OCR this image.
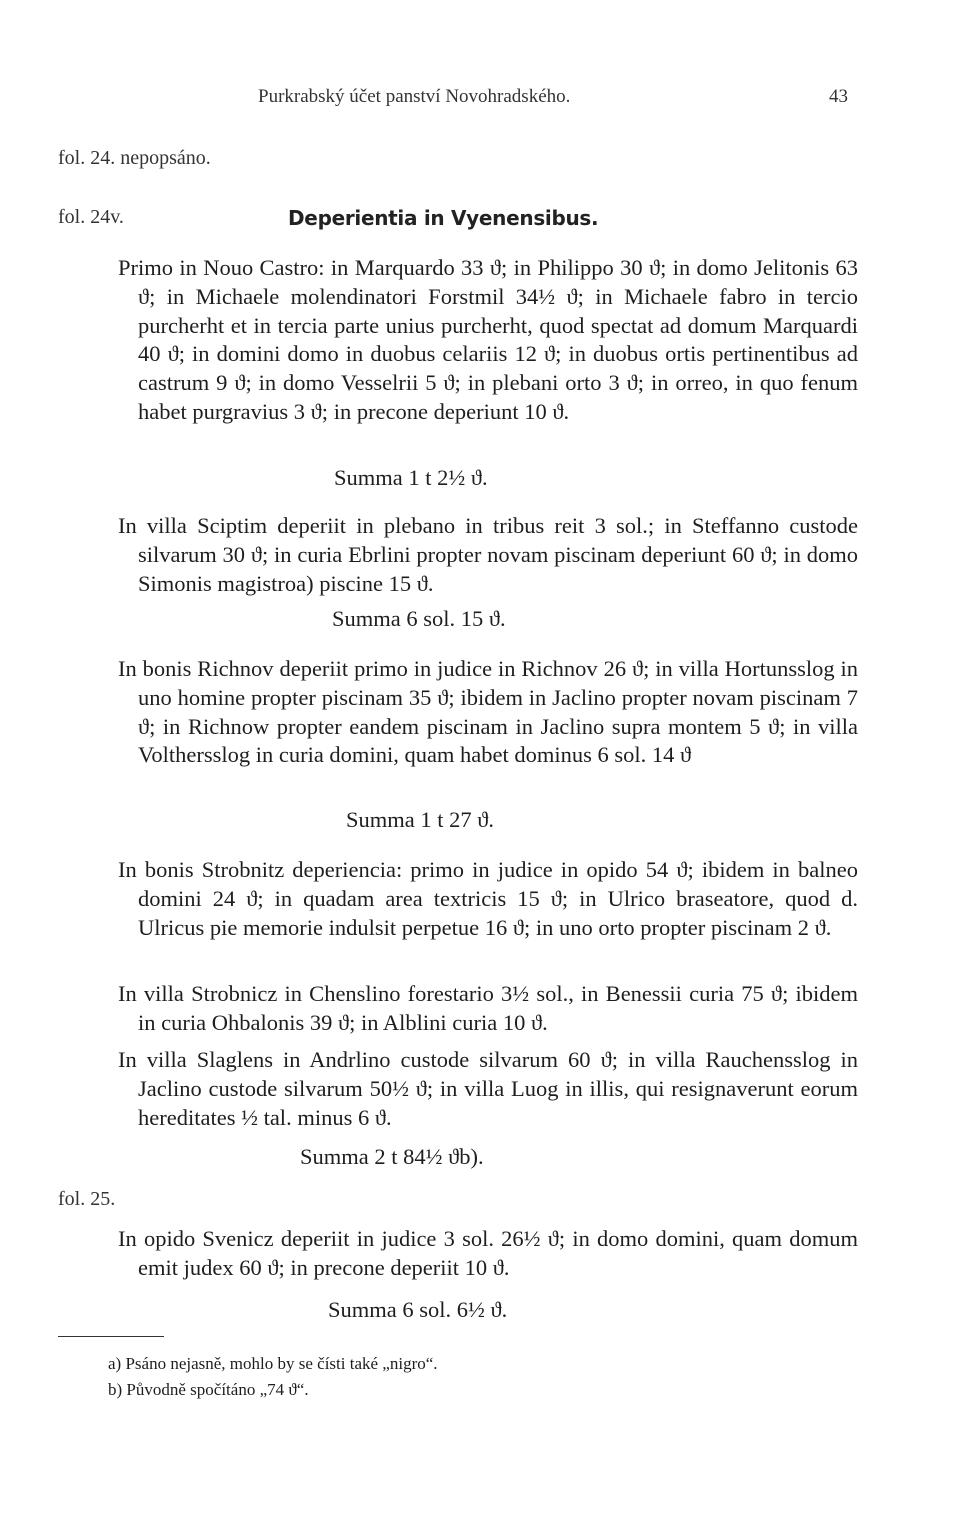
Purkrabský účet panství Novohradského.	43
fol. 24. nepopsáno.
fol. 24v.	Deperientia in Vyenensibus.
Primo in Nouo Castro: in Marquardo 33 ϑ; in Philippo 30 ϑ; in domo Jelitonis 63 ϑ; in Michaele molendinatori Forstmil 34½ ϑ; in Michaele fabro in tercio purcherht et in tercia parte unius purcherht, quod spectat ad domum Marquardi 40 ϑ; in domini domo in duobus celariis 12 ϑ; in duobus ortis pertinentibus ad castrum 9 ϑ; in domo Vesselrii 5 ϑ; in plebani orto 3 ϑ; in orreo, in quo fenum habet purgravius 3 ϑ; in precone deperiunt 10 ϑ.
Summa 1 t 2½ ϑ.
In villa Sciptim deperiit in plebano in tribus reit 3 sol.; in Steffanno custode silvarum 30 ϑ; in curia Ebrlini propter novam piscinam deperiunt 60 ϑ; in domo Simonis magistroa) piscine 15 ϑ.
Summa 6 sol. 15 ϑ.
In bonis Richnov deperiit primo in judice in Richnov 26 ϑ; in villa Hortunsslog in uno homine propter piscinam 35 ϑ; ibidem in Jaclino propter novam piscinam 7 ϑ; in Richnow propter eandem piscinam in Jaclino supra montem 5 ϑ; in villa Volthersslog in curia domini, quam habet dominus 6 sol. 14 ϑ
Summa 1 t 27 ϑ.
In bonis Strobnitz deperiencia: primo in judice in opido 54 ϑ; ibidem in balneo domini 24 ϑ; in quadam area textricis 15 ϑ; in Ulrico braseatore, quod d. Ulricus pie memorie indulsit perpetue 16 ϑ; in uno orto propter piscinam 2 ϑ.
In villa Strobnicz in Chenslino forestario 3½ sol., in Benessii curia 75 ϑ; ibidem in curia Ohbalonis 39 ϑ; in Alblini curia 10 ϑ.
In villa Slaglens in Andrlino custode silvarum 60 ϑ; in villa Rauchensslog in Jaclino custode silvarum 50½ ϑ; in villa Luog in illis, qui resignaverunt eorum hereditates ½ tal. minus 6 ϑ.
Summa 2 t 84½ ϑb).
fol. 25.
In opido Svenicz deperiit in judice 3 sol. 26½ ϑ; in domo domini, quam domum emit judex 60 ϑ; in precone deperiit 10 ϑ.
Summa 6 sol. 6½ ϑ.
a) Psáno nejasně, mohlo by se čísti také „nigro“.
b) Původně spočítáno „74 ϑ“.
